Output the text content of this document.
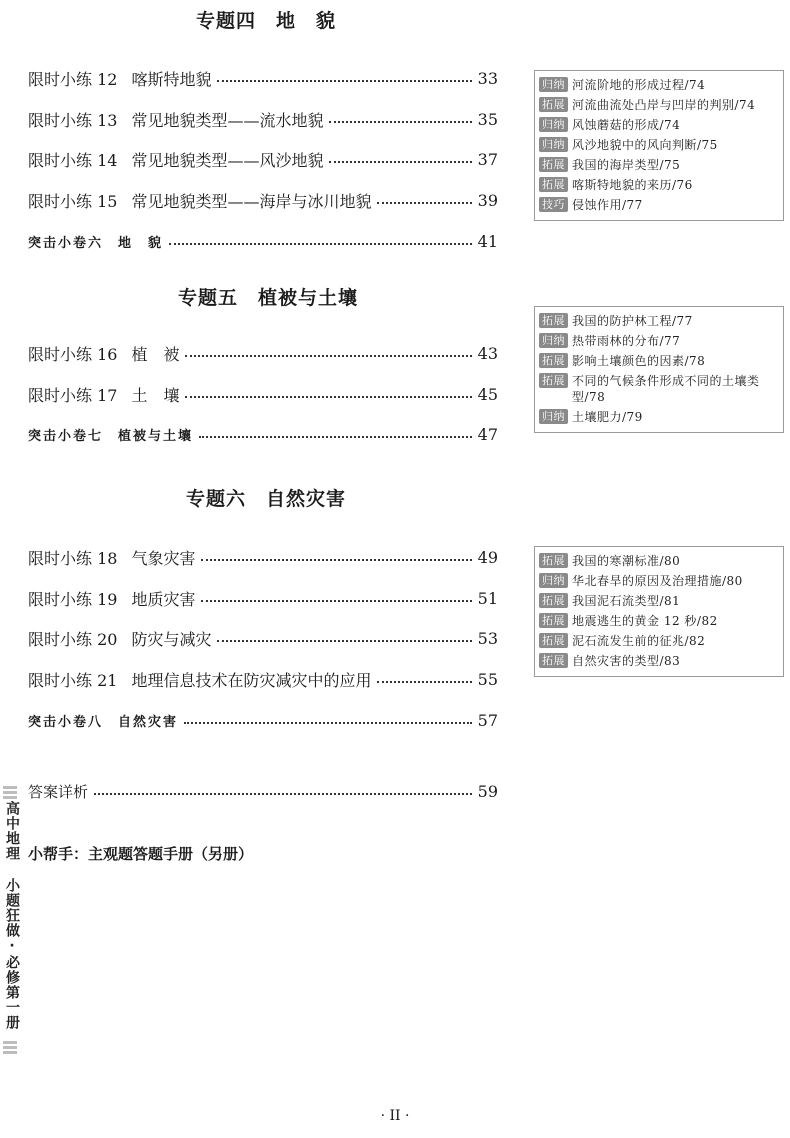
专题四　地　貌
限时小练 12 喀斯特地貌	33
限时小练 13 常见地貌类型——流水地貌	35
限时小练 14 常见地貌类型——风沙地貌	37
限时小练 15 常见地貌类型——海岸与冰川地貌	39
突击小卷六　地　貌	41
归纳 河流阶地的形成过程/74
拓展 河流曲流处凸岸与凹岸的判别/74
归纳 风蚀蘑菇的形成/74
归纳 风沙地貌中的风向判断/75
拓展 我国的海岸类型/75
拓展 喀斯特地貌的来历/76
技巧 侵蚀作用/77
专题五　植被与土壤
限时小练 16 植　被	43
限时小练 17 土　壤	45
突击小卷七　植被与土壤	47
拓展 我国的防护林工程/77
归纳 热带雨林的分布/77
拓展 影响土壤颜色的因素/78
拓展 不同的气候条件形成不同的土壤类型/78
归纳 土壤肥力/79
专题六　自然灾害
限时小练 18 气象灾害	49
限时小练 19 地质灾害	51
限时小练 20 防灾与减灾	53
限时小练 21 地理信息技术在防灾减灾中的应用	55
突击小卷八　自然灾害	57
拓展 我国的寒潮标准/80
归纳 华北春旱的原因及治理措施/80
拓展 我国泥石流类型/81
拓展 地震逃生的黄金 12 秒/82
拓展 泥石流发生前的征兆/82
拓展 自然灾害的类型/83
答案详析	59
小帮手：主观题答题手册（另册）
高中地理 小题狂做·必修第一册
· II ·
